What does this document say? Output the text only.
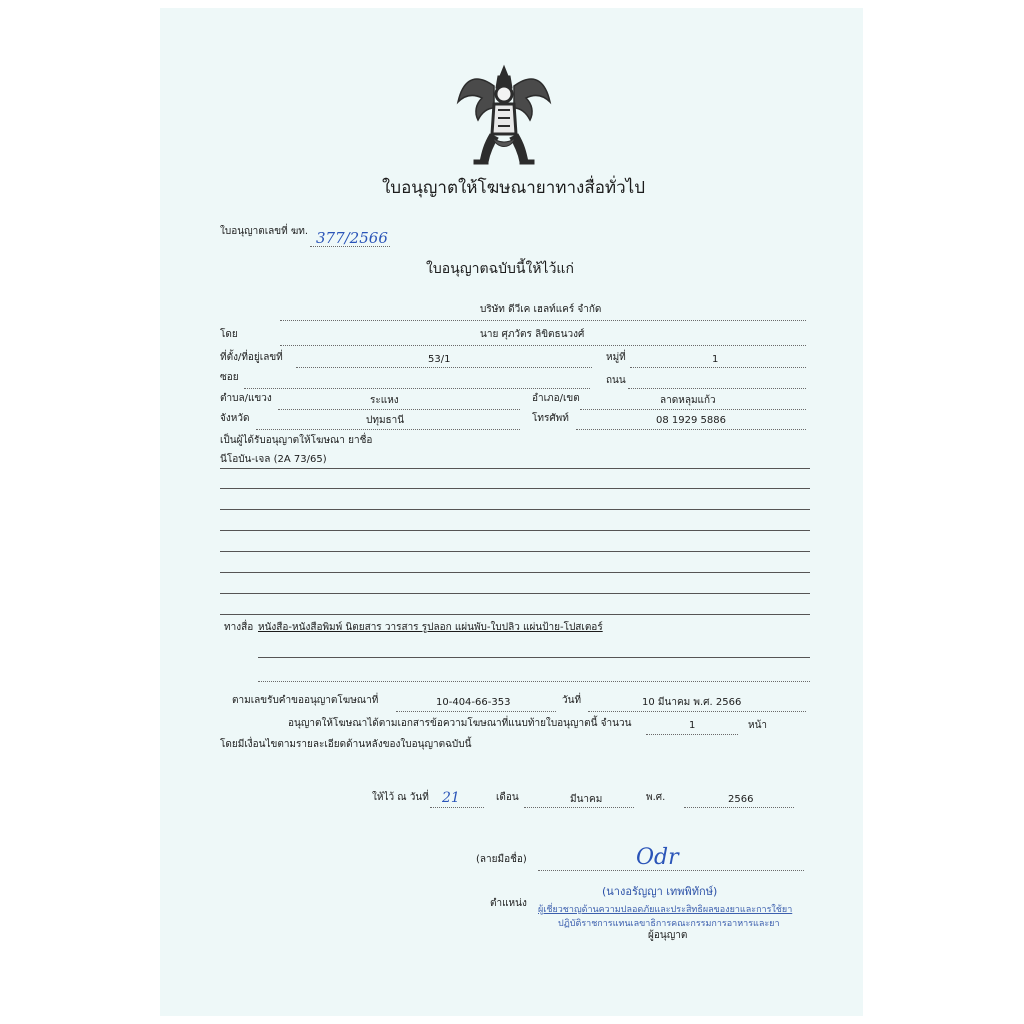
ใบอนุญาตให้โฆษณายาทางสื่อทั่วไป
ใบอนุญาตเลขที่ ฆท. 377/2566
ใบอนุญาตฉบับนี้ให้ไว้แก่
บริษัท ดีวีเค เฮลท์แคร์ จำกัด
โดย	นาย ศุภวัตร ลิขิตธนวงศ์
ที่ตั้ง/ที่อยู่เลขที่	53/1	หมู่ที่	1
ซอย	ถนน
ตำบล/แขวง	ระแหง	อำเภอ/เขต	ลาดหลุมแก้ว
จังหวัด	ปทุมธานี	โทรศัพท์	08 1929 5886
เป็นผู้ได้รับอนุญาตให้โฆษณา ยาชื่อ
นีโอบัน-เจล (2A 73/65)
ทางสื่อ หนังสือ-หนังสือพิมพ์ นิตยสาร วารสาร รูปลอก แผ่นพับ-ใบปลิว แผ่นป้าย-โปสเตอร์
ตามเลขรับคำขออนุญาตโฆษณาที่	10-404-66-353	วันที่	10 มีนาคม พ.ศ. 2566
อนุญาตให้โฆษณาได้ตามเอกสารข้อความโฆษณาที่แนบท้ายใบอนุญาตนี้ จำนวน	1	หน้า
โดยมีเงื่อนไขตามรายละเอียดด้านหลังของใบอนุญาตฉบับนี้
ให้ไว้ ณ วันที่ 21	เดือน	มีนาคม	พ.ศ.	2566
(ลายมือชื่อ)	Odr
(นางอรัญญา เทพพิทักษ์)
ตำแหน่ง
ผู้เชี่ยวชาญด้านความปลอดภัยและประสิทธิผลของยาและการใช้ยา
ปฏิบัติราชการแทนเลขาธิการคณะกรรมการอาหารและยา
ผู้อนุญาต
